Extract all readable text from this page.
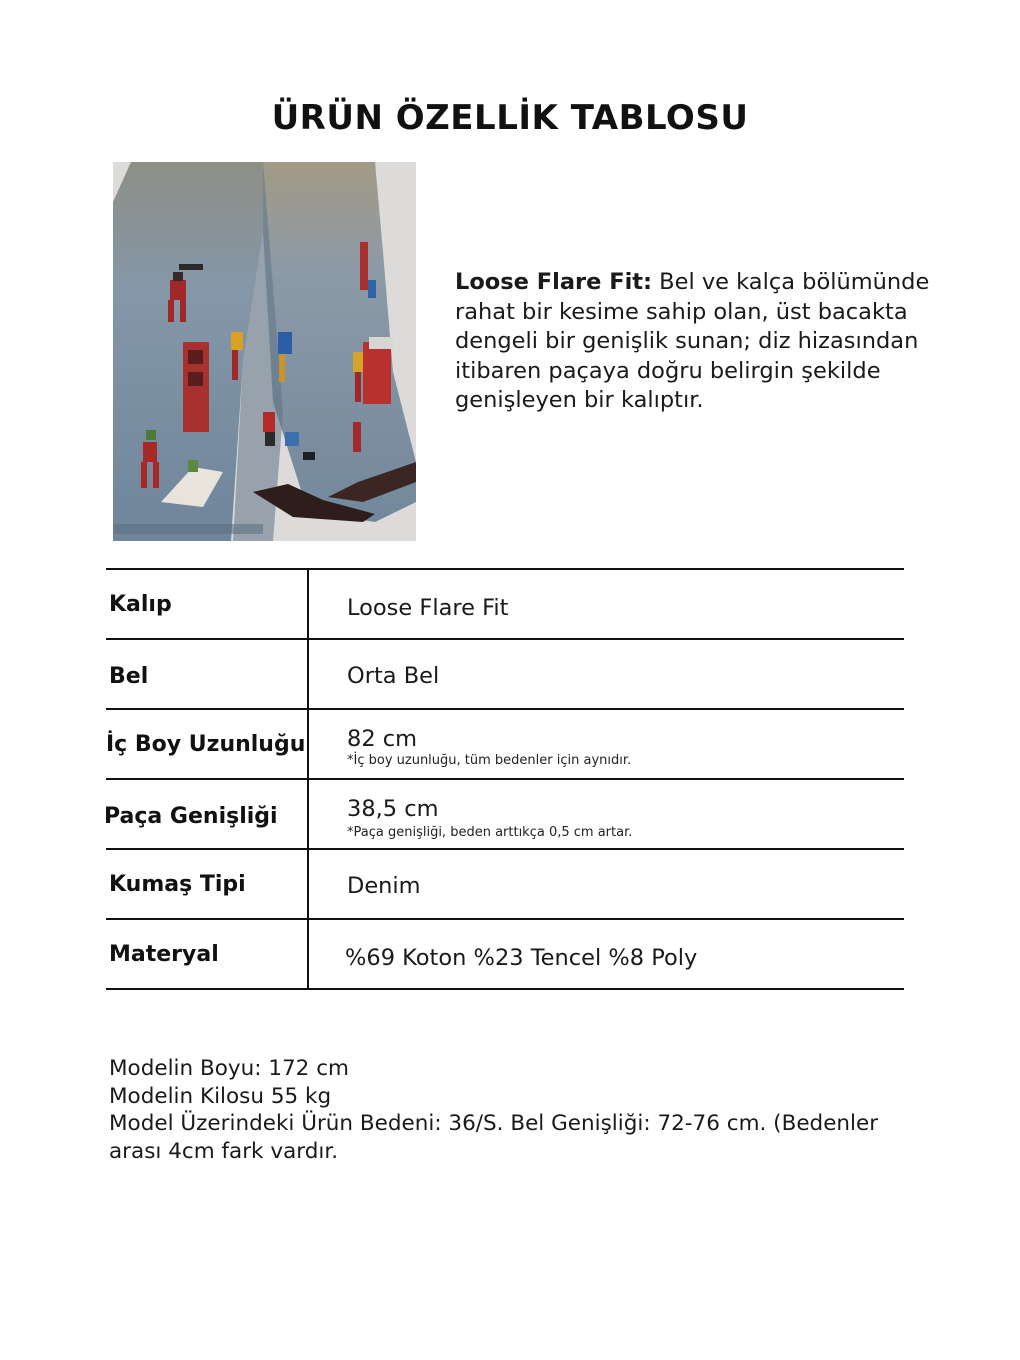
ÜRÜN ÖZELLİK TABLOSU

Loose Flare Fit: Bel ve kalça bölümünde rahat bir kesime sahip olan, üst bacakta dengeli bir genişlik sunan; diz hizasından itibaren paçaya doğru belirgin şekilde genişleyen bir kalıptır.

Kalıp	Loose Flare Fit
Bel	Orta Bel
İç Boy Uzunluğu 82 cm
*İç boy uzunluğu, tüm bedenler için aynıdır.
Paça Genişliği	38,5 cm
*Paça genişliği, beden arttıkça 0,5 cm artar.
Kumaş Tipi	Denim
Materyal	%69 Koton %23 Tencel %8 Poly
Modelin Boyu: 172 cm
Modelin Kilosu 55 kg
Model Üzerindeki Ürün Bedeni: 36/S. Bel Genişliği: 72-76 cm. (Bedenler arası 4cm fark vardır.
